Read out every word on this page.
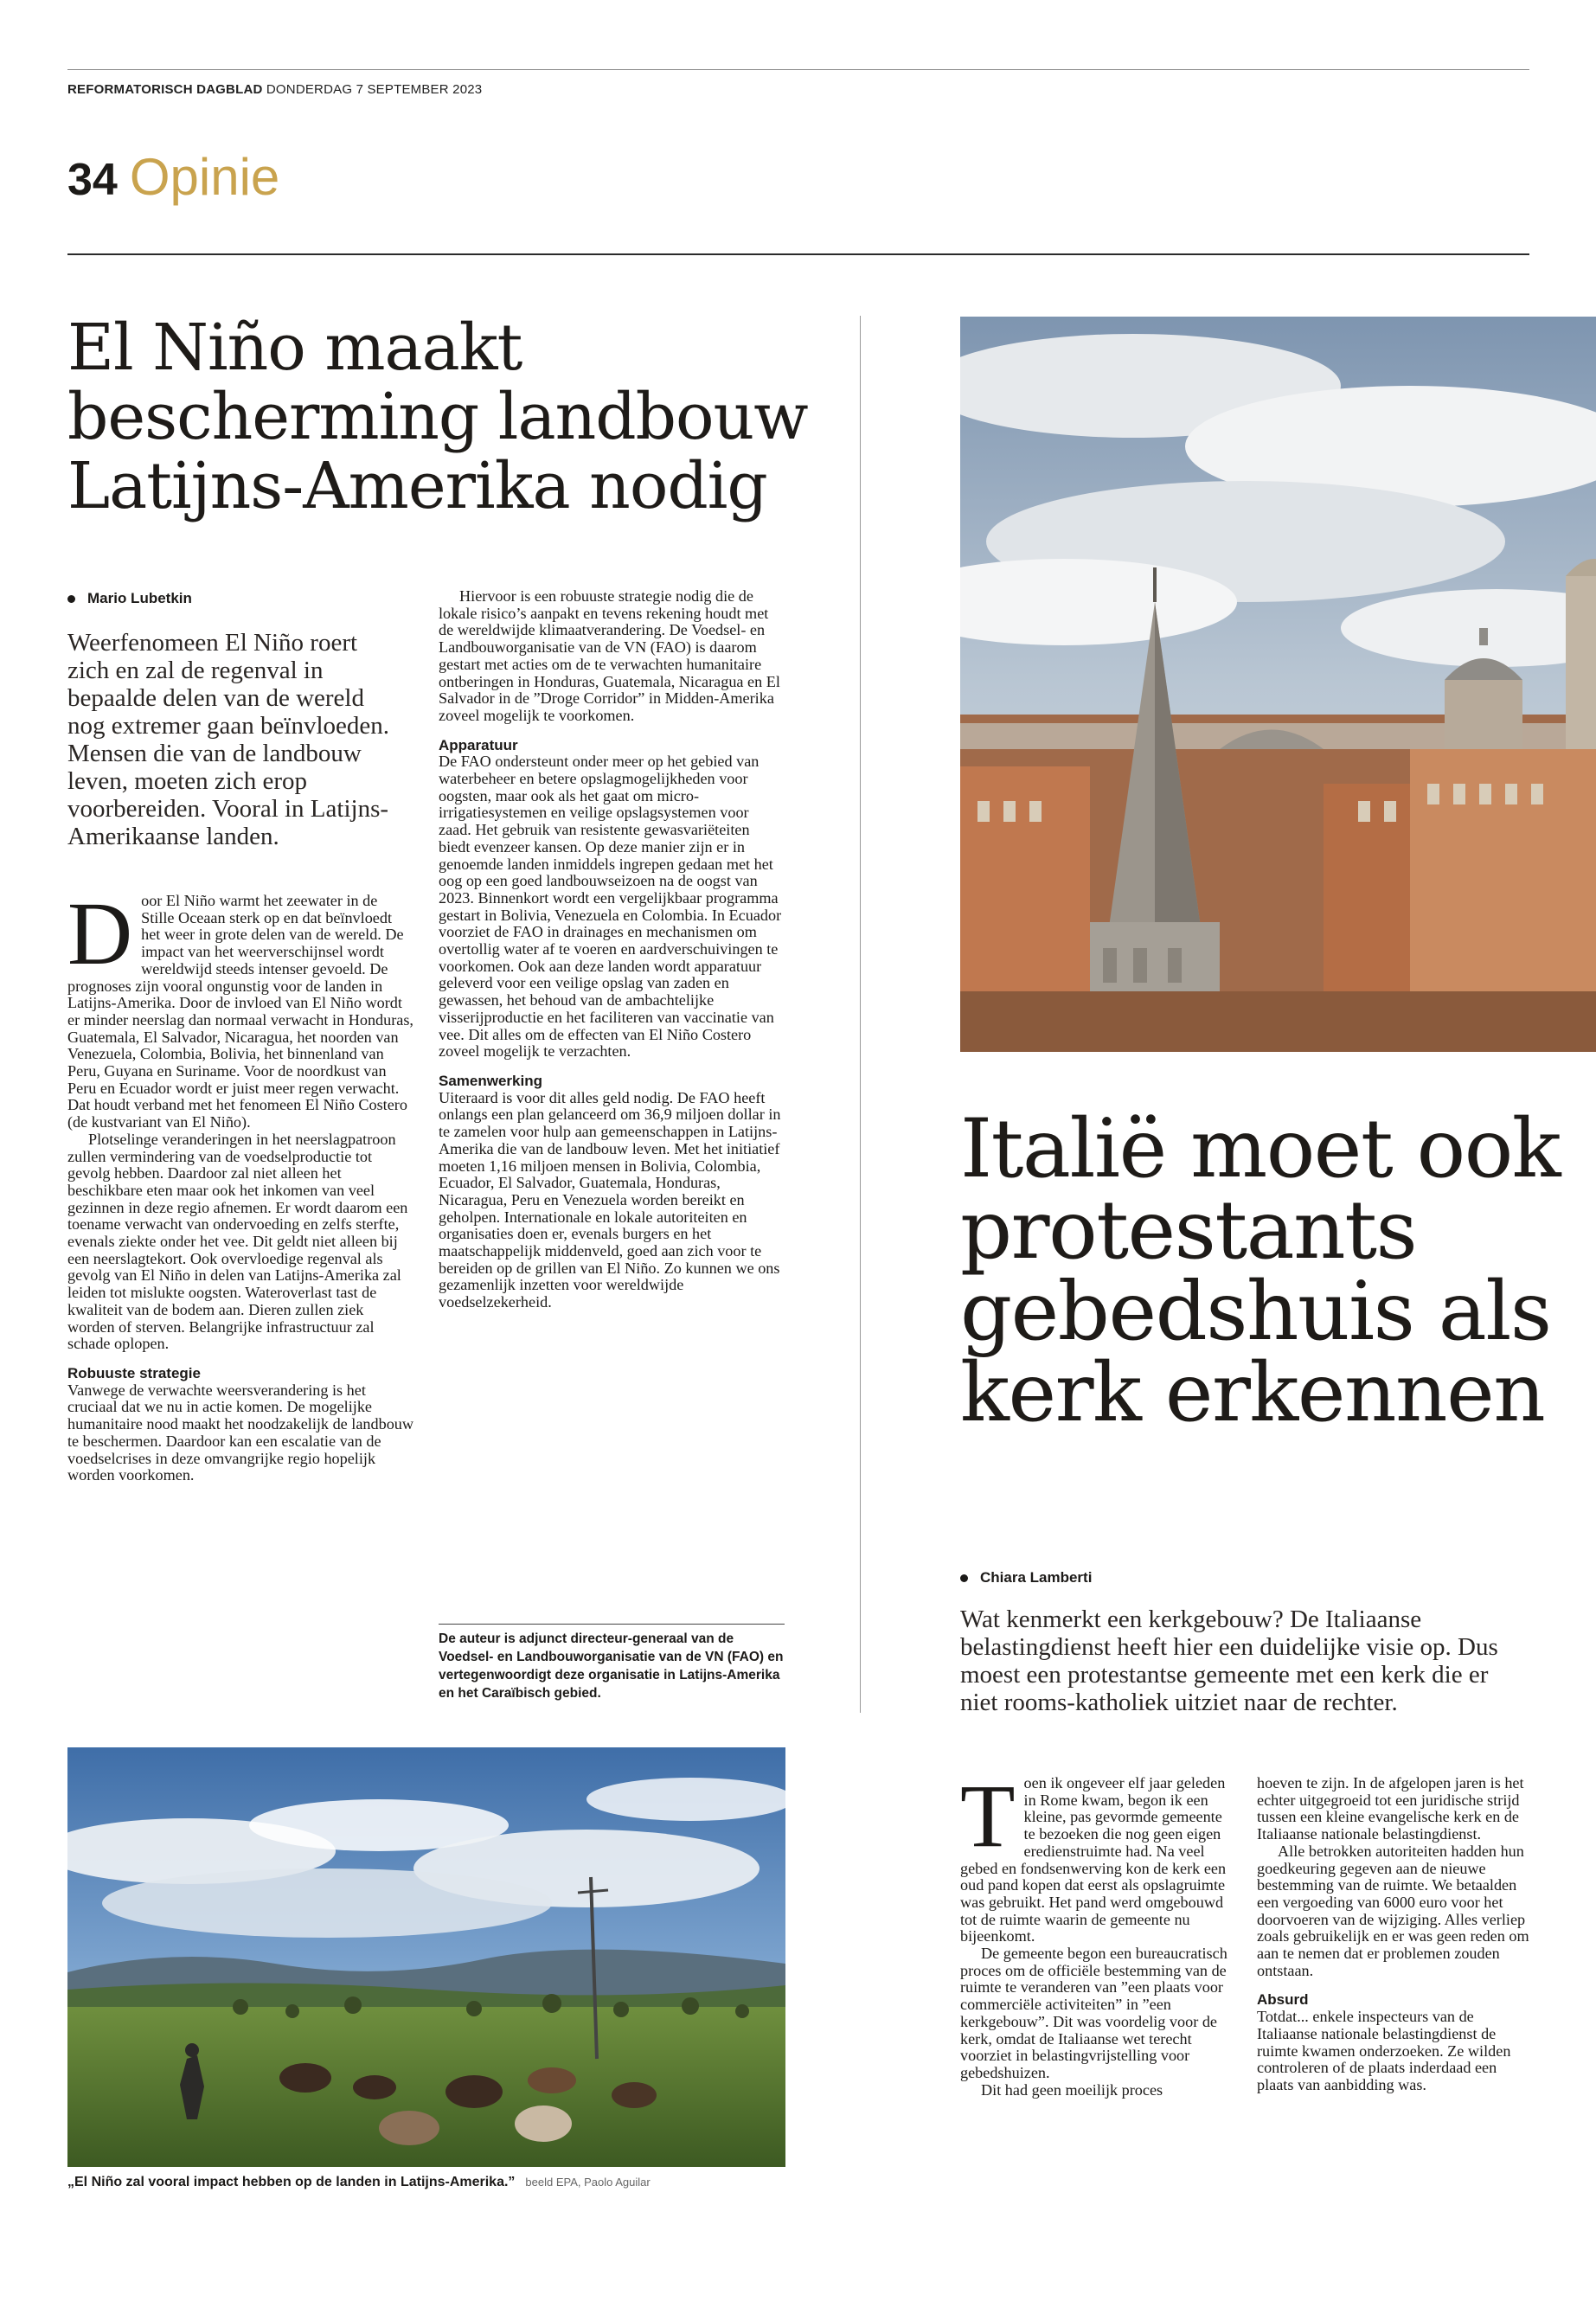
REFORMATORISCH DAGBLAD DONDERDAG 7 SEPTEMBER 2023
34 Opinie
El Niño maakt bescherming landbouw Latijns-Amerika nodig
Mario Lubetkin
Weerfenomeen El Niño roert zich en zal de regenval in bepaalde delen van de wereld nog extremer gaan beïnvloeden. Mensen die van de landbouw leven, moeten zich erop voorbereiden. Vooral in Latijns-Amerikaanse landen.

Door El Niño warmt het zeewater in de Stille Oceaan sterk op en dat beïnvloedt het weer in grote delen van de wereld. De impact van het weerverschijnsel wordt wereldwijd steeds intenser gevoeld. De prognoses zijn vooral ongunstig voor de landen in Latijns-Amerika. Door de invloed van El Niño wordt er minder neerslag dan normaal verwacht in Honduras, Guatemala, El Salvador, Nicaragua, het noorden van Venezuela, Colombia, Bolivia, het binnenland van Peru, Guyana en Suriname. Voor de noordkust van Peru en Ecuador wordt er juist meer regen verwacht. Dat houdt verband met het fenomeen El Niño Costero (de kustvariant van El Niño).

Plotselinge veranderingen in het neerslagpatroon zullen vermindering van de voedselproductie tot gevolg hebben. Daardoor zal niet alleen het beschikbare eten maar ook het inkomen van veel gezinnen in deze regio afnemen. Er wordt daarom een toename verwacht van ondervoeding en zelfs sterfte, evenals ziekte onder het vee. Dit geldt niet alleen bij een neerslagtekort. Ook overvloedige regenval als gevolg van El Niño in delen van Latijns-Amerika zal leiden tot mislukte oogsten. Wateroverlast tast de kwaliteit van de bodem aan. Dieren zullen ziek worden of sterven. Belangrijke infrastructuur zal schade oplopen.

Robuuste strategie

Vanwege de verwachte weersverandering is het cruciaal dat we nu in actie komen. De mogelijke humanitaire nood maakt het noodzakelijk de landbouw te beschermen. Daardoor kan een escalatie van de voedselcrises in deze omvangrijke regio hopelijk worden voorkomen.

Hiervoor is een robuuste strategie nodig die de lokale risico’s aanpakt en tevens rekening houdt met de wereldwijde klimaatverandering. De Voedsel- en Landbouworganisatie van de VN (FAO) is daarom gestart met acties om de te verwachten humanitaire ontberingen in Honduras, Guatemala, Nicaragua en El Salvador in de ”Droge Corridor” in Midden-Amerika zoveel mogelijk te voorkomen.

Apparatuur

De FAO ondersteunt onder meer op het gebied van waterbeheer en betere opslagmogelijkheden voor oogsten, maar ook als het gaat om micro-irrigatiesystemen en veilige opslagsystemen voor zaad. Het gebruik van resistente gewasvariëteiten biedt evenzeer kansen. Op deze manier zijn er in genoemde landen inmiddels ingrepen gedaan met het oog op een goed landbouwseizoen na de oogst van 2023. Binnenkort wordt een vergelijkbaar programma gestart in Bolivia, Venezuela en Colombia. In Ecuador voorziet de FAO in drainages en mechanismen om overtollig water af te voeren en aardverschuivingen te voorkomen. Ook aan deze landen wordt apparatuur geleverd voor een veilige opslag van zaden en gewassen, het behoud van de ambachtelijke visserijproductie en het faciliteren van vaccinatie van vee. Dit alles om de effecten van El Niño Costero zoveel mogelijk te verzachten.

Samenwerking

Uiteraard is voor dit alles geld nodig. De FAO heeft onlangs een plan gelanceerd om 36,9 miljoen dollar in te zamelen voor hulp aan gemeenschappen in Latijns-Amerika die van de landbouw leven. Met het initiatief moeten 1,16 miljoen mensen in Bolivia, Colombia, Ecuador, El Salvador, Guatemala, Honduras, Nicaragua, Peru en Venezuela worden bereikt en geholpen. Internationale en lokale autoriteiten en organisaties doen er, evenals burgers en het maatschappelijk middenveld, goed aan zich voor te bereiden op de grillen van El Niño. Zo kunnen we ons gezamenlijk inzetten voor wereldwijde voedselzekerheid.

De auteur is adjunct directeur-generaal van de Voedsel- en Landbouworganisatie van de VN (FAO) en vertegenwoordigt deze organisatie in Latijns-Amerika en het Caraïbisch gebied.
„El Niño zal vooral impact hebben op de landen in Latijns-Amerika.” beeld EPA, Paolo Aguilar
Italië moet ook protestants gebedshuis als kerk erkennen
Chiara Lamberti
Wat kenmerkt een kerkgebouw? De Italiaanse belastingdienst heeft hier een duidelijke visie op. Dus moest een protestantse gemeente met een kerk die er niet rooms-katholiek uitziet naar de rechter.

Toen ik ongeveer elf jaar geleden in Rome kwam, begon ik een kleine, pas gevormde gemeente te bezoeken die nog geen eigen eredienstruimte had. Na veel gebed en fondsenwerving kon de kerk een oud pand kopen dat eerst als opslagruimte was gebruikt. Het pand werd omgebouwd tot de ruimte waarin de gemeente nu bijeenkomt.

De gemeente begon een bureaucratisch proces om de officiële bestemming van de ruimte te veranderen van ”een plaats voor commerciële activiteiten” in ”een kerkgebouw”. Dit was voordelig voor de kerk, omdat de Italiaanse wet terecht voorziet in belastingvrijstelling voor gebedshuizen.

Dit had geen moeilijk proces

hoeven te zijn. In de afgelopen jaren is het echter uitgegroeid tot een juridische strijd tussen een kleine evangelische kerk en de Italiaanse nationale belastingdienst.

Alle betrokken autoriteiten hadden hun goedkeuring gegeven aan de nieuwe bestemming van de ruimte. We betaalden een vergoeding van 6000 euro voor het doorvoeren van de wijziging. Alles verliep zoals gebruikelijk en er was geen reden om aan te nemen dat er problemen zouden ontstaan.

Absurd

Totdat... enkele inspecteurs van de Italiaanse nationale belastingdienst de ruimte kwamen onderzoeken. Ze wilden controleren of de plaats inderdaad een plaats van aanbidding was.
